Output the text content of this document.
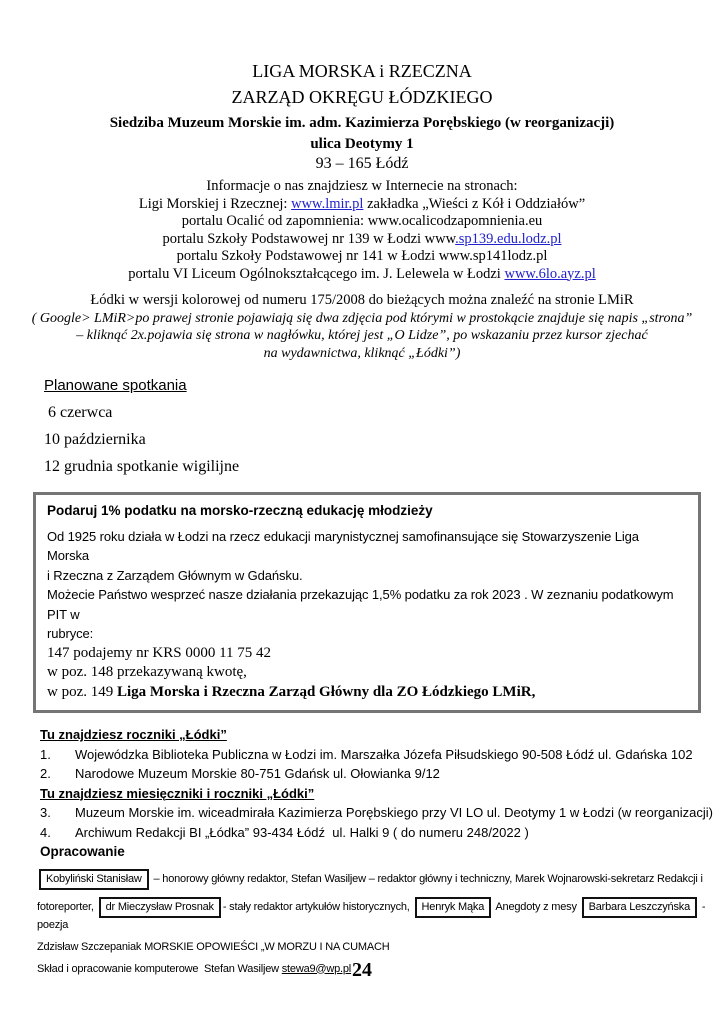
LIGA MORSKA i RZECZNA
ZARZĄD OKRĘGU ŁÓDZKIEGO
Siedziba Muzeum Morskie im. adm. Kazimierza Porębskiego (w reorganizacji)
ulica Deotymy 1
93 – 165 Łódź
Informacje o nas znajdziesz w Internecie na stronach:
Ligi Morskiej i Rzecznej: www.lmir.pl zakładka „Wieści z Kół i Oddziałów”
portalu Ocalić od zapomnienia: www.ocalicodzapomnienia.eu
portalu Szkoły Podstawowej nr 139 w Łodzi www.sp139.edu.lodz.pl
portalu Szkoły Podstawowej nr 141 w Łodzi www.sp141lodz.pl
portalu VI Liceum Ogólnokształcącego im. J. Lelewela w Łodzi www.6lo.ayz.pl
Łódki w wersji kolorowej od numeru 175/2008 do bieżących można znaleźć na stronie LMiR
( Google> LMiR>po prawej stronie pojawiają się dwa zdjęcia pod którymi w prostokącie znajduje się napis „strona”
– kliknąć 2x.pojawia się strona w nagłówku, której jest „O Lidze”, po wskazaniu przez kursor zjechać
na wydawnictwa, kliknąć „Łódki”)
Planowane spotkania
6 czerwca
10 października
12 grudnia spotkanie wigilijne
Podaruj 1% podatku na morsko-rzeczną edukację młodzieży
Od 1925 roku działa w Łodzi na rzecz edukacji marynistycznej samofinansujące się Stowarzyszenie Liga Morska
i Rzeczna z Zarządem Głównym w Gdańsku.
Możecie Państwo wesprzeć nasze działania przekazując 1,5% podatku za rok 2023 . W zeznaniu podatkowym  PIT w
rubryce:
147 podajemy nr KRS 0000 11 75 42
w poz. 148 przekazywaną kwotę,
w poz. 149 Liga Morska i Rzeczna Zarząd Główny dla ZO Łódzkiego LMiR,
Tu znajdziesz roczniki „Łódki”
1.	Wojewódzka Biblioteka Publiczna w Łodzi im. Marszałka Józefa Piłsudskiego 90-508 Łódź ul. Gdańska 102
2.	Narodowe Muzeum Morskie 80-751 Gdańsk ul. Ołowianka 9/12
Tu znajdziesz miesięczniki i roczniki „Łódki”
3.	Muzeum Morskie im. wiceadmirała Kazimierza Porębskiego przy VI LO ul. Deotymy 1 w Łodzi (w reorganizacji)
4.	Archiwum Redakcji BI „Łódka” 93-434 Łódź  ul. Halki 9 ( do numeru 248/2022 )
Opracowanie
Kobyliński Stanisław – honorowy główny redaktor, Stefan Wasiljew – redaktor główny i techniczny, Marek Wojnarowski-sekretarz Redakcji i
fotoreporter, dr Mieczysław Prosnak - stały redaktor artykułów historycznych, Henryk Mąka Anegdoty z mesy Barbara Leszczyńska - poezja
Zdzisław Szczepaniak MORSKIE OPOWIEŚCI „W MORZU I NA CUMACH
Skład i opracowanie komputerowe  Stefan Wasiljew stewa9@wp.pl 24
